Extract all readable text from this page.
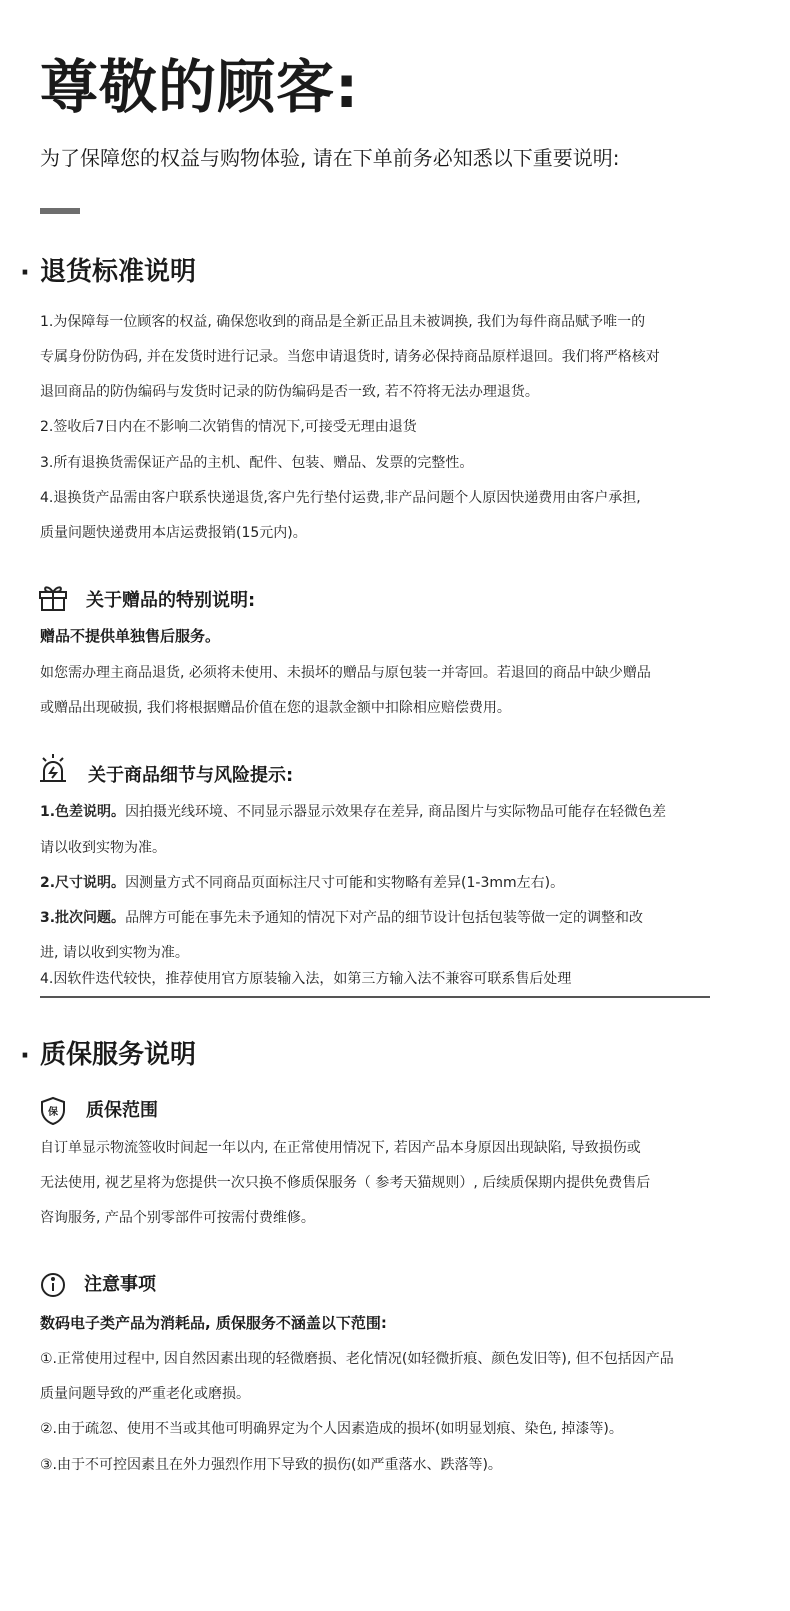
尊敬的顾客:
为了保障您的权益与购物体验, 请在下单前务必知悉以下重要说明:
· 退货标准说明
1.为保障每一位顾客的权益, 确保您收到的商品是全新正品且未被调换, 我们为每件商品赋予唯一的
专属身份防伪码, 并在发货时进行记录。当您申请退货时, 请务必保持商品原样退回。我们将严格核对
退回商品的防伪编码与发货时记录的防伪编码是否一致, 若不符将无法办理退货。
2.签收后7日内在不影响二次销售的情况下,可接受无理由退货
3.所有退换货需保证产品的主机、配件、包装、赠品、发票的完整性。
4.退换货产品需由客户联系快递退货,客户先行垫付运费,非产品问题个人原因快递费用由客户承担,
质量问题快递费用本店运费报销(15元内)。
关于赠品的特别说明:
赠品不提供单独售后服务。
如您需办理主商品退货, 必须将未使用、未损坏的赠品与原包装一并寄回。若退回的商品中缺少赠品
或赠品出现破损, 我们将根据赠品价值在您的退款金额中扣除相应赔偿费用。
关于商品细节与风险提示:
1.色差说明。因拍摄光线环境、不同显示器显示效果存在差异, 商品图片与实际物品可能存在轻微色差
请以收到实物为准。
2.尺寸说明。因测量方式不同商品页面标注尺寸可能和实物略有差异(1-3mm左右)。
3.批次问题。品牌方可能在事先未予通知的情况下对产品的细节设计包括包装等做一定的调整和改
进, 请以收到实物为准。
4.因软件迭代较快，推荐使用官方原装输入法，如第三方输入法不兼容可联系售后处理
· 质保服务说明
保 质保范围
自订单显示物流签收时间起一年以内, 在正常使用情况下, 若因产品本身原因出现缺陷, 导致损伤或
无法使用, 视艺星将为您提供一次只换不修质保服务（ 参考天猫规则）, 后续质保期内提供免费售后
咨询服务, 产品个别零部件可按需付费维修。
注意事项
数码电子类产品为消耗品, 质保服务不涵盖以下范围:
①.正常使用过程中, 因自然因素出现的轻微磨损、老化情况(如轻微折痕、颜色发旧等), 但不包括因产品
质量问题导致的严重老化或磨损。
②.由于疏忽、使用不当或其他可明确界定为个人因素造成的损坏(如明显划痕、染色, 掉漆等)。
③.由于不可控因素且在外力强烈作用下导致的损伤(如严重落水、跌落等)。
